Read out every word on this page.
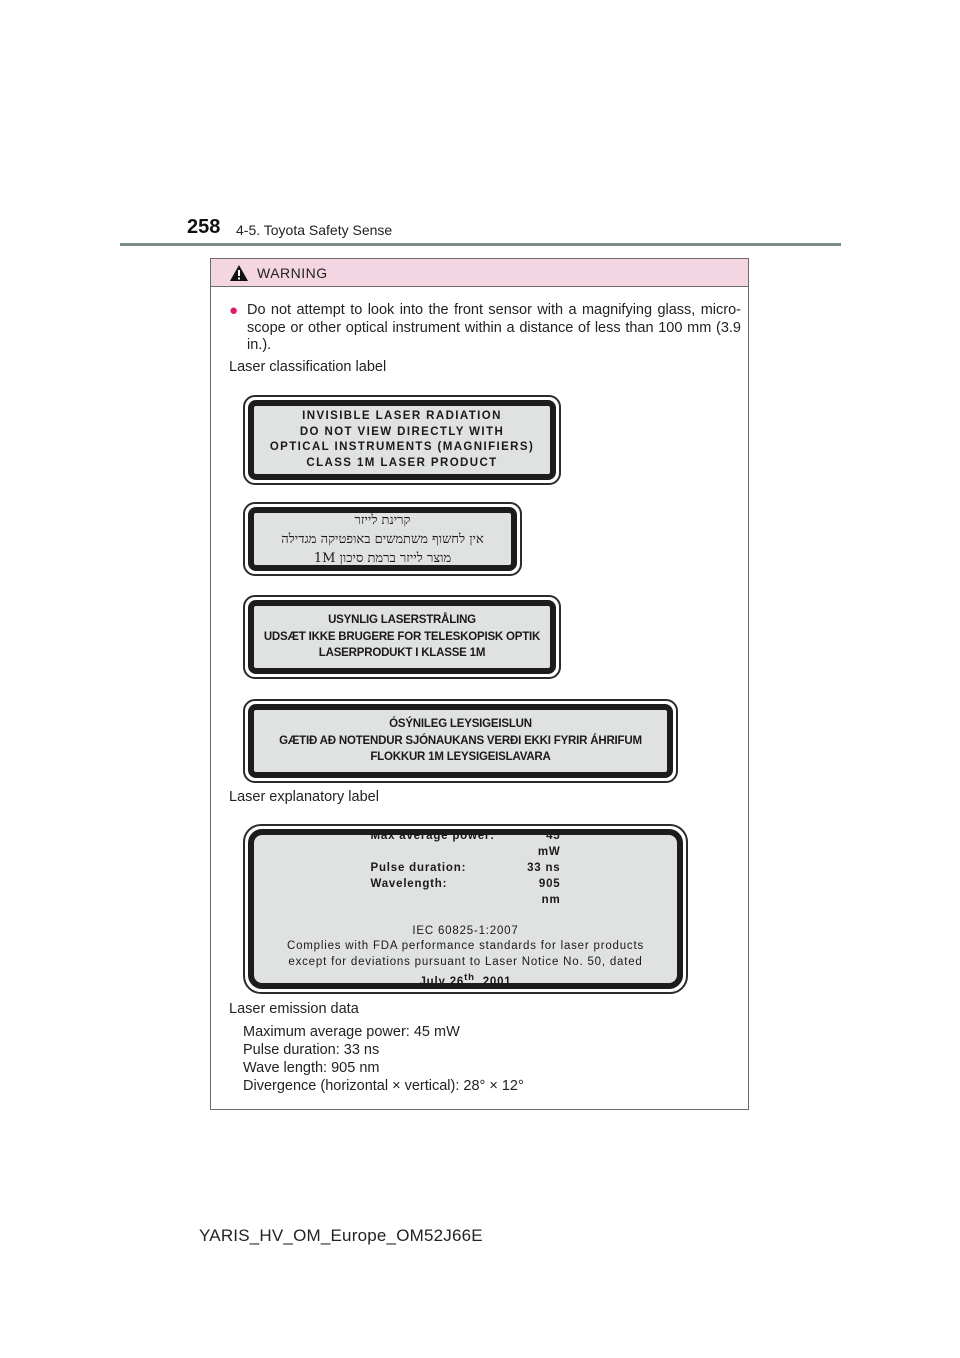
258 4-5. Toyota Safety Sense
WARNING
● Do not attempt to look into the front sensor with a magnifying glass, micro-scope or other optical instrument within a distance of less than 100 mm (3.9 in.).
Laser classification label
INVISIBLE LASER RADIATION
DO NOT VIEW DIRECTLY WITH
OPTICAL INSTRUMENTS (MAGNIFIERS)
CLASS 1M LASER PRODUCT
קרינת לייזר
אין לחשוף משתמשים באופטיקה מגדילה
מוצר לייזר ברמת סיכון 1M
USYNLIG LASERSTRÅLING
UDSÆT IKKE BRUGERE FOR TELESKOPISK OPTIK
LASERPRODUKT I KLASSE 1M
ÓSÝNILEG LEYSIGEISLUN
GÆTIÐ AÐ NOTENDUR SJÓNAUKANS VERÐI EKKI FYRIR ÁHRIFUM
FLOKKUR 1M LEYSIGEISLAVARA
Laser explanatory label
Max average power:	45 mW
Pulse duration:	33 ns
Wavelength:	905 nm
IEC 60825-1:2007
Complies with FDA performance standards for laser products
except for deviations pursuant to Laser Notice No. 50, dated
July 26th, 2001
Laser emission data
Maximum average power: 45 mW
Pulse duration: 33 ns
Wave length: 905 nm
Divergence (horizontal × vertical): 28° × 12°
YARIS_HV_OM_Europe_OM52J66E
